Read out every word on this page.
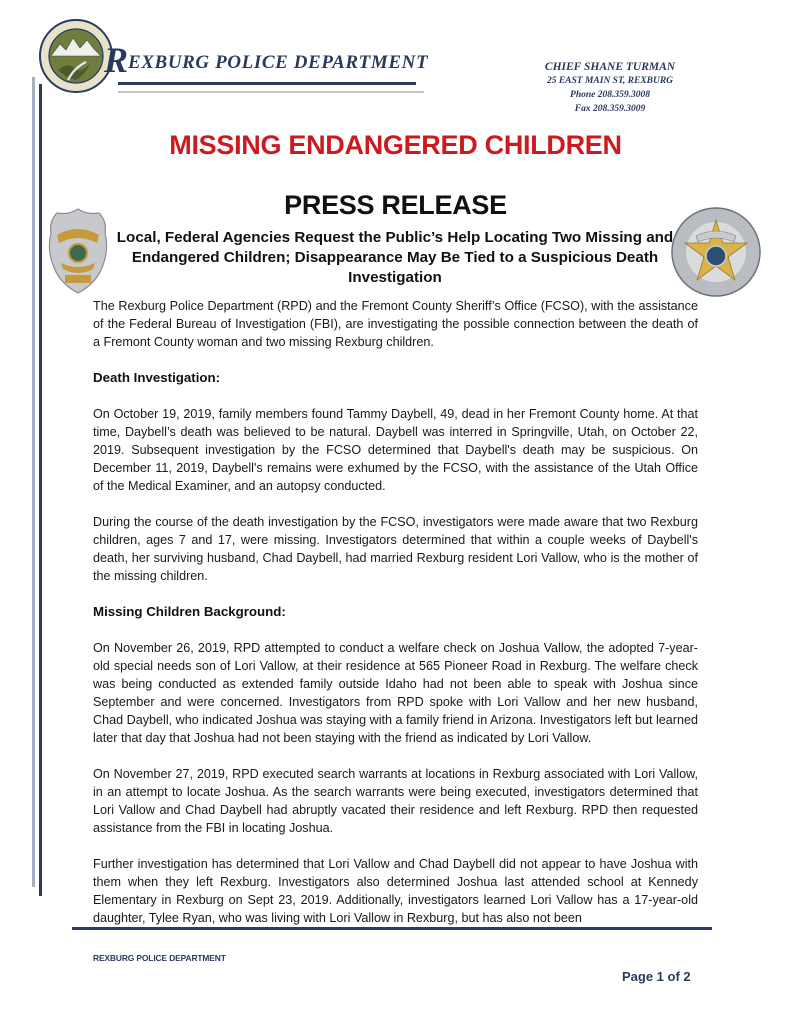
REXBURG POLICE DEPARTMENT	CHIEF SHANE TURMAN
25 EAST MAIN ST, REXBURG
Phone 208.359.3008
Fax 208.359.3009
MISSING ENDANGERED CHILDREN
PRESS RELEASE
Local, Federal Agencies Request the Public’s Help Locating Two Missing and Endangered Children; Disappearance May Be Tied to a Suspicious Death Investigation

The Rexburg Police Department (RPD) and the Fremont County Sheriff’s Office (FCSO), with the assistance of the Federal Bureau of Investigation (FBI), are investigating the possible connection between the death of a Fremont County woman and two missing Rexburg children.

Death Investigation:

On October 19, 2019, family members found Tammy Daybell, 49, dead in her Fremont County home. At that time, Daybell’s death was believed to be natural. Daybell was interred in Springville, Utah, on October 22, 2019. Subsequent investigation by the FCSO determined that Daybell's death may be suspicious. On December 11, 2019, Daybell's remains were exhumed by the FCSO, with the assistance of the Utah Office of the Medical Examiner, and an autopsy conducted.

During the course of the death investigation by the FCSO, investigators were made aware that two Rexburg children, ages 7 and 17, were missing. Investigators determined that within a couple weeks of Daybell's death, her surviving husband, Chad Daybell, had married Rexburg resident Lori Vallow, who is the mother of the missing children.

Missing Children Background:

On November 26, 2019, RPD attempted to conduct a welfare check on Joshua Vallow, the adopted 7-year-old special needs son of Lori Vallow, at their residence at 565 Pioneer Road in Rexburg. The welfare check was being conducted as extended family outside Idaho had not been able to speak with Joshua since September and were concerned. Investigators from RPD spoke with Lori Vallow and her new husband, Chad Daybell, who indicated Joshua was staying with a family friend in Arizona. Investigators left but learned later that day that Joshua had not been staying with the friend as indicated by Lori Vallow.

On November 27, 2019, RPD executed search warrants at locations in Rexburg associated with Lori Vallow, in an attempt to locate Joshua. As the search warrants were being executed, investigators determined that Lori Vallow and Chad Daybell had abruptly vacated their residence and left Rexburg. RPD then requested assistance from the FBI in locating Joshua.

Further investigation has determined that Lori Vallow and Chad Daybell did not appear to have Joshua with them when they left Rexburg. Investigators also determined Joshua last attended school at Kennedy Elementary in Rexburg on Sept 23, 2019. Additionally, investigators learned Lori Vallow has a 17-year-old daughter, Tylee Ryan, who was living with Lori Vallow in Rexburg, but has also not been

REXBURG POLICE DEPARTMENT
Page 1 of 2
